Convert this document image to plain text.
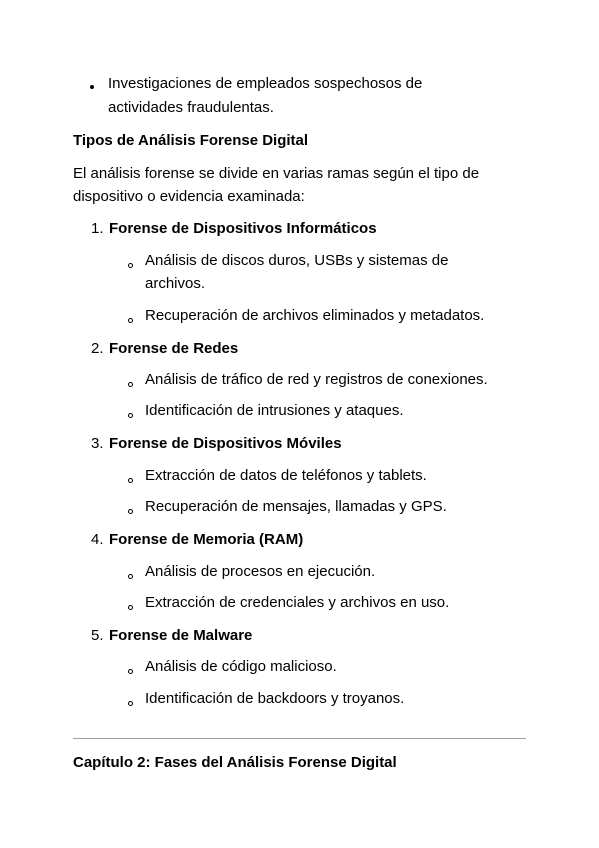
Investigaciones de empleados sospechosos de
actividades fraudulentas.
Tipos de Análisis Forense Digital
El análisis forense se divide en varias ramas según el tipo de
dispositivo o evidencia examinada:
1. Forense de Dispositivos Informáticos
Análisis de discos duros, USBs y sistemas de
archivos.
Recuperación de archivos eliminados y metadatos.
2. Forense de Redes
Análisis de tráfico de red y registros de conexiones.
Identificación de intrusiones y ataques.
3. Forense de Dispositivos Móviles
Extracción de datos de teléfonos y tablets.
Recuperación de mensajes, llamadas y GPS.
4. Forense de Memoria (RAM)
Análisis de procesos en ejecución.
Extracción de credenciales y archivos en uso.
5. Forense de Malware
Análisis de código malicioso.
Identificación de backdoors y troyanos.
Capítulo 2: Fases del Análisis Forense Digital
